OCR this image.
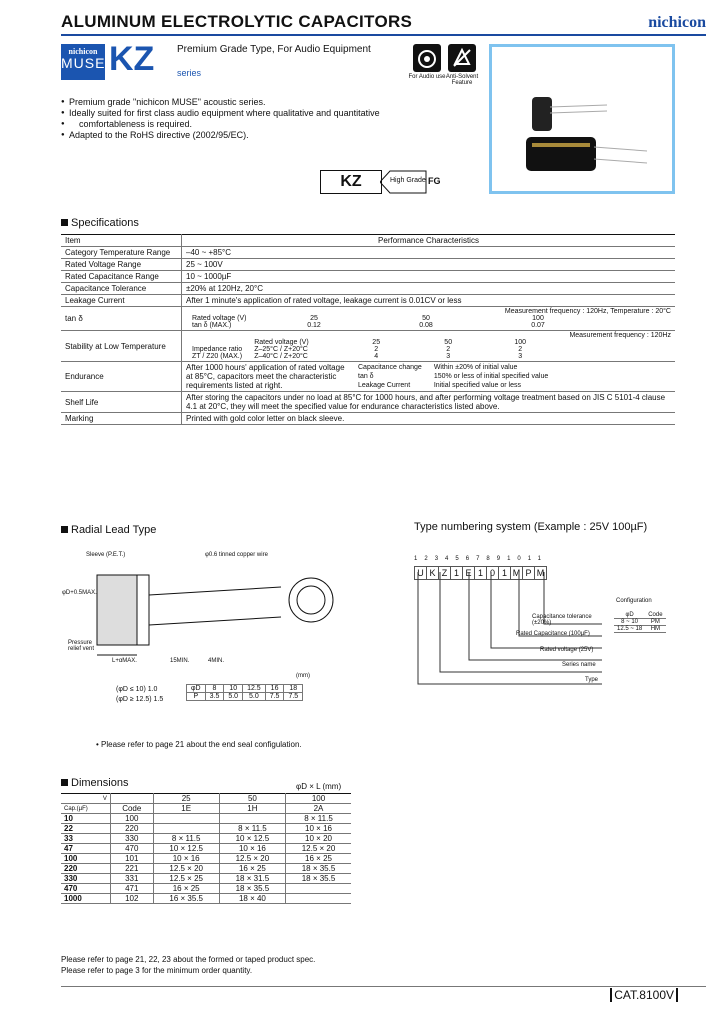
ALUMINUM ELECTROLYTIC CAPACITORS	nichicon
nichicon
MUSE KZ Premium Grade Type, For Audio Equipment
series	For Audio use Anti-Solvent Feature
● Premium grade "nichicon MUSE" acoustic series.
● Ideally suited for first class audio equipment where qualitative and quantitative
● comfortableness is required.
● Adapted to the RoHS directive (2002/95/EC).
KZ	High Grade FG
Specifications
Item	Performance Characteristics
Category Temperature Range	–40 ~ +85°C
Rated Voltage Range	25 ~ 100V
Rated Capacitance Range	10 ~ 1000µF
Capacitance Tolerance	±20% at 120Hz, 20°C
Leakage Current	After 1 minute's application of rated voltage, leakage current is 0.01CV or less
tan δ	
Measurement frequency : 120Hz, Temperature : 20°C
Rated voltage (V)	25	50	100
tan δ (MAX.)	0.12	0.08	0.07

Stability at Low Temperature	
Measurement frequency : 120Hz
	Rated voltage (V)	25	50	100
Impedance ratio	Z–25°C / Z+20°C	2	2	2
ZT / Z20 (MAX.)	Z–40°C / Z+20°C	4	3	3

Endurance	
After 1000 hours' application of rated voltage at 85°C, capacitors meet the characteristic requirements listed at right.
Capacitance change	Within ±20% of initial value
tan δ	150% or less of initial specified value
Leakage Current	Initial specified value or less

Shelf Life	After storing the capacitors under no load at 85°C for 1000 hours, and after performing voltage treatment based on JIS C 5101-4 clause 4.1 at 20°C, they will meet the specified value for endurance characteristics listed above.
Marking	Printed with gold color letter on black sleeve.
Radial Lead Type
Sleeve (P.E.T.)	φ0.6 tinned copper wire
Pressure relief vent
L+αMAX.	15MIN.	4MIN.
φD+0.5MAX.
(mm)
(φD ≤ 10) 1.0
(φD ≥ 12.5) 1.5
φD	8	10	12.5	16	18
P	3.5	5.0	5.0	7.5	7.5
• Please refer to page 21 about the end seal configulation.
Type numbering system (Example : 25V 100µF)
1234567891011
U K Z 1 E 1 0 1 M P M
Configuration
Capacitance tolerance (±20%)
Rated Capacitance (100µF)
Rated voltage (25V)
Series name
Type
φD	Code
8 ~ 10	PM
12.5 ~ 18	HM
Dimensions	φD × L (mm)
V		25	50	100
Cap.(µF)	Code	1E	1H	2A
10	100			8 × 11.5
22	220		8 × 11.5	10 × 16
33	330	8 × 11.5	10 × 12.5	10 × 20
47	470	10 × 12.5	10 × 16	12.5 × 20
100	101	10 × 16	12.5 × 20	16 × 25
220	221	12.5 × 20	16 × 25	18 × 35.5
330	331	12.5 × 25	18 × 31.5	18 × 35.5
470	471	16 × 25	18 × 35.5	
1000	102	16 × 35.5	18 × 40	
Please refer to page 21, 22, 23 about the formed or taped product spec.
Please refer to page 3 for the minimum order quantity.
CAT.8100V
